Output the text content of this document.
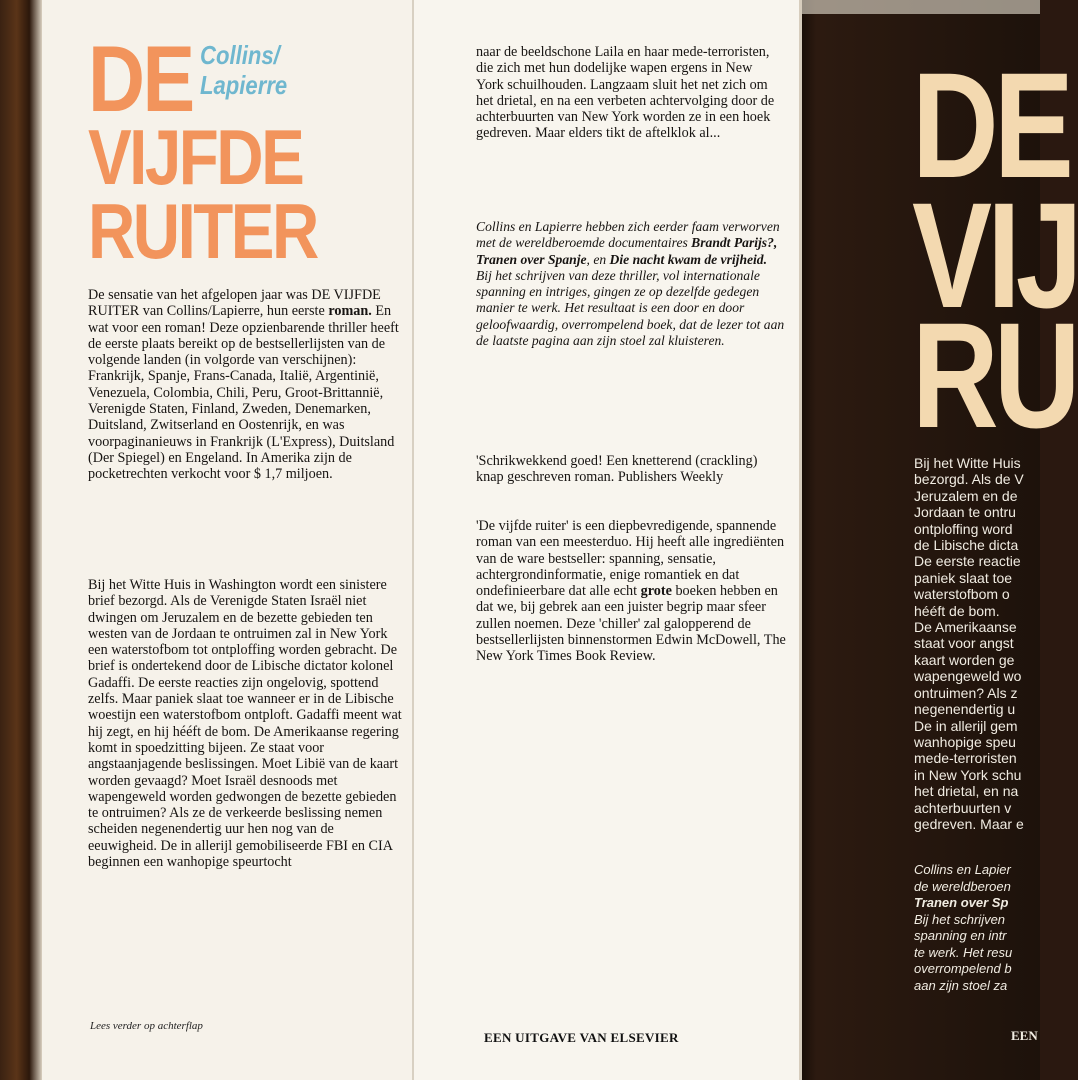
DE Collins/
Lapierre
VIJFDE
RUITER
De sensatie van het afgelopen jaar was DE VIJFDE RUITER van Collins/Lapierre, hun eerste roman. En wat voor een roman! Deze opzienbarende thriller heeft de eerste plaats bereikt op de bestsellerlijsten van de volgende landen (in volgorde van verschijnen): Frankrijk, Spanje, Frans-Canada, Italië, Argentinië, Venezuela, Colombia, Chili, Peru, Groot-Brittannië, Verenigde Staten, Finland, Zweden, Denemarken, Duitsland, Zwitserland en Oostenrijk, en was voorpaginanieuws in Frankrijk (L'Express), Duitsland (Der Spiegel) en Engeland. In Amerika zijn de pocketrechten verkocht voor $ 1,7 miljoen.
Bij het Witte Huis in Washington wordt een sinistere brief bezorgd. Als de Verenigde Staten Israël niet dwingen om Jeruzalem en de bezette gebieden ten westen van de Jordaan te ontruimen zal in New York een waterstofbom tot ontploffing worden gebracht. De brief is ondertekend door de Libische dictator kolonel Gadaffi. De eerste reacties zijn ongelovig, spottend zelfs. Maar paniek slaat toe wanneer er in de Libische woestijn een waterstofbom ontploft. Gadaffi meent wat hij zegt, en hij hééft de bom. De Amerikaanse regering komt in spoedzitting bijeen. Ze staat voor angstaanjagende beslissingen. Moet Libië van de kaart worden gevaagd? Moet Israël desnoods met wapengeweld worden gedwongen de bezette gebieden te ontruimen? Als ze de verkeerde beslissing nemen scheiden negenendertig uur hen nog van de eeuwigheid. De in allerijl gemobiliseerde FBI en CIA beginnen een wanhopige speurtocht
Lees verder op achterflap
naar de beeldschone Laila en haar mede-terroristen, die zich met hun dodelijke wapen ergens in New York schuilhouden. Langzaam sluit het net zich om het drietal, en na een verbeten achtervolging door de achterbuurten van New York worden ze in een hoek gedreven. Maar elders tikt de aftelklok al...
Collins en Lapierre hebben zich eerder faam verworven met de wereldberoemde documentaires Brandt Parijs?, Tranen over Spanje, en Die nacht kwam de vrijheid. Bij het schrijven van deze thriller, vol internationale spanning en intriges, gingen ze op dezelfde gedegen manier te werk. Het resultaat is een door en door geloofwaardig, overrompelend boek, dat de lezer tot aan de laatste pagina aan zijn stoel zal kluisteren.
'Schrikwekkend goed! Een knetterend (crackling) knap geschreven roman. Publishers Weekly
'De vijfde ruiter' is een diepbevredigende, spannende roman van een meesterduo. Hij heeft alle ingrediënten van de ware bestseller: spanning, sensatie, achtergrondinformatie, enige romantiek en dat ondefinieerbare dat alle echt grote boeken hebben en dat we, bij gebrek aan een juister begrip maar sfeer zullen noemen. Deze 'chiller' zal galopperend de bestsellerlijsten binnenstormen Edwin McDowell, The New York Times Book Review.
EEN UITGAVE VAN ELSEVIER
DE
VIJ
RU
Bij het Witte Huis
bezorgd. Als de V
Jeruzalem en de
Jordaan te ontru
ontploffing word
de Libische dicta
De eerste reactie
paniek slaat toe
waterstofbom o
hééft de bom.
De Amerikaanse
staat voor angst
kaart worden ge
wapengeweld wo
ontruimen? Als z
negenendertig u
De in allerijl gem
wanhopige speu
mede-terroristen
in New York schu
het drietal, en na
achterbuurten v
gedreven. Maar e
Collins en Lapier
de wereldberoen
Tranen over Sp
Bij het schrijven
spanning en intr
te werk. Het resu
overrompelend b
aan zijn stoel za
EEN
